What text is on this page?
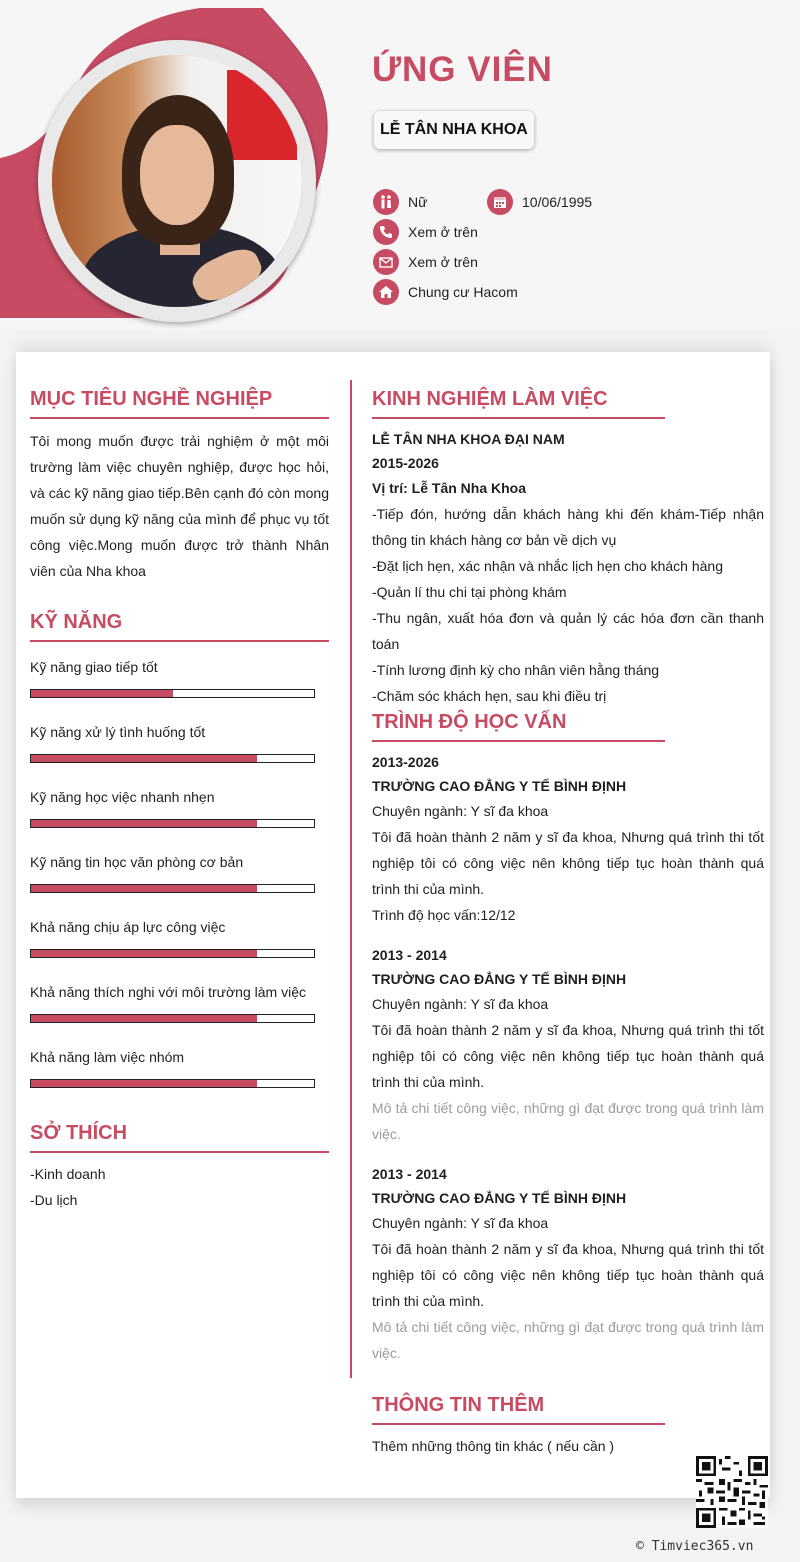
ỨNG VIÊN
LỄ TÂN NHA KHOA
Nữ	10/06/1995
Xem ở trên
Xem ở trên
Chung cư Hacom
MỤC TIÊU NGHỀ NGHIỆP
Tôi mong muốn được trải nghiệm ở một môi trường làm việc chuyên nghiệp, được học hỏi, và các kỹ năng giao tiếp.Bên cạnh đó còn mong muốn sử dụng kỹ năng của mình để phục vụ tốt công việc.Mong muốn được trở thành Nhân viên của Nha khoa
KỸ NĂNG
Kỹ năng giao tiếp tốt
Kỹ năng xử lý tình huống tốt
Kỹ năng học việc nhanh nhẹn
Kỹ năng tin học văn phòng cơ bản
Khả năng chịu áp lực công việc
Khả năng thích nghi với môi trường làm việc
Khả năng làm việc nhóm
SỞ THÍCH
-Kinh doanh
-Du lịch
KINH NGHIỆM LÀM VIỆC
LỄ TÂN NHA KHOA ĐẠI NAM
2015-2026
Vị trí: Lễ Tân Nha Khoa
-Tiếp đón, hướng dẫn khách hàng khi đến khám-Tiếp nhận thông tin khách hàng cơ bản về dịch vụ
-Đặt lịch hẹn, xác nhận và nhắc lịch hẹn cho khách hàng
-Quản lí thu chi tại phòng khám
-Thu ngân, xuất hóa đơn và quản lý các hóa đơn cần thanh toán
-Tính lương định kỳ cho nhân viên hằng tháng
-Chăm sóc khách hẹn, sau khi điều trị
TRÌNH ĐỘ HỌC VẤN
2013-2026
TRƯỜNG CAO ĐẲNG Y TẾ BÌNH ĐỊNH
Chuyên ngành: Y sĩ đa khoa
Tôi đã hoàn thành 2 năm y sĩ đa khoa, Nhưng quá trình thi tốt nghiệp tôi có công việc nên không tiếp tục hoàn thành quá trình thi của mình.
Trình độ học vấn:12/12
2013 - 2014
TRƯỜNG CAO ĐẲNG Y TẾ BÌNH ĐỊNH
Chuyên ngành: Y sĩ đa khoa
Tôi đã hoàn thành 2 năm y sĩ đa khoa, Nhưng quá trình thi tốt nghiệp tôi có công việc nên không tiếp tục hoàn thành quá trình thi của mình.
Mô tả chi tiết công việc, những gì đạt được trong quá trình làm việc.
2013 - 2014
TRƯỜNG CAO ĐẲNG Y TẾ BÌNH ĐỊNH
Chuyên ngành: Y sĩ đa khoa
Tôi đã hoàn thành 2 năm y sĩ đa khoa, Nhưng quá trình thi tốt nghiệp tôi có công việc nên không tiếp tục hoàn thành quá trình thi của mình.
Mô tả chi tiết công việc, những gì đạt được trong quá trình làm việc.
THÔNG TIN THÊM
Thêm những thông tin khác ( nếu cần )
© Timviec365.vn
